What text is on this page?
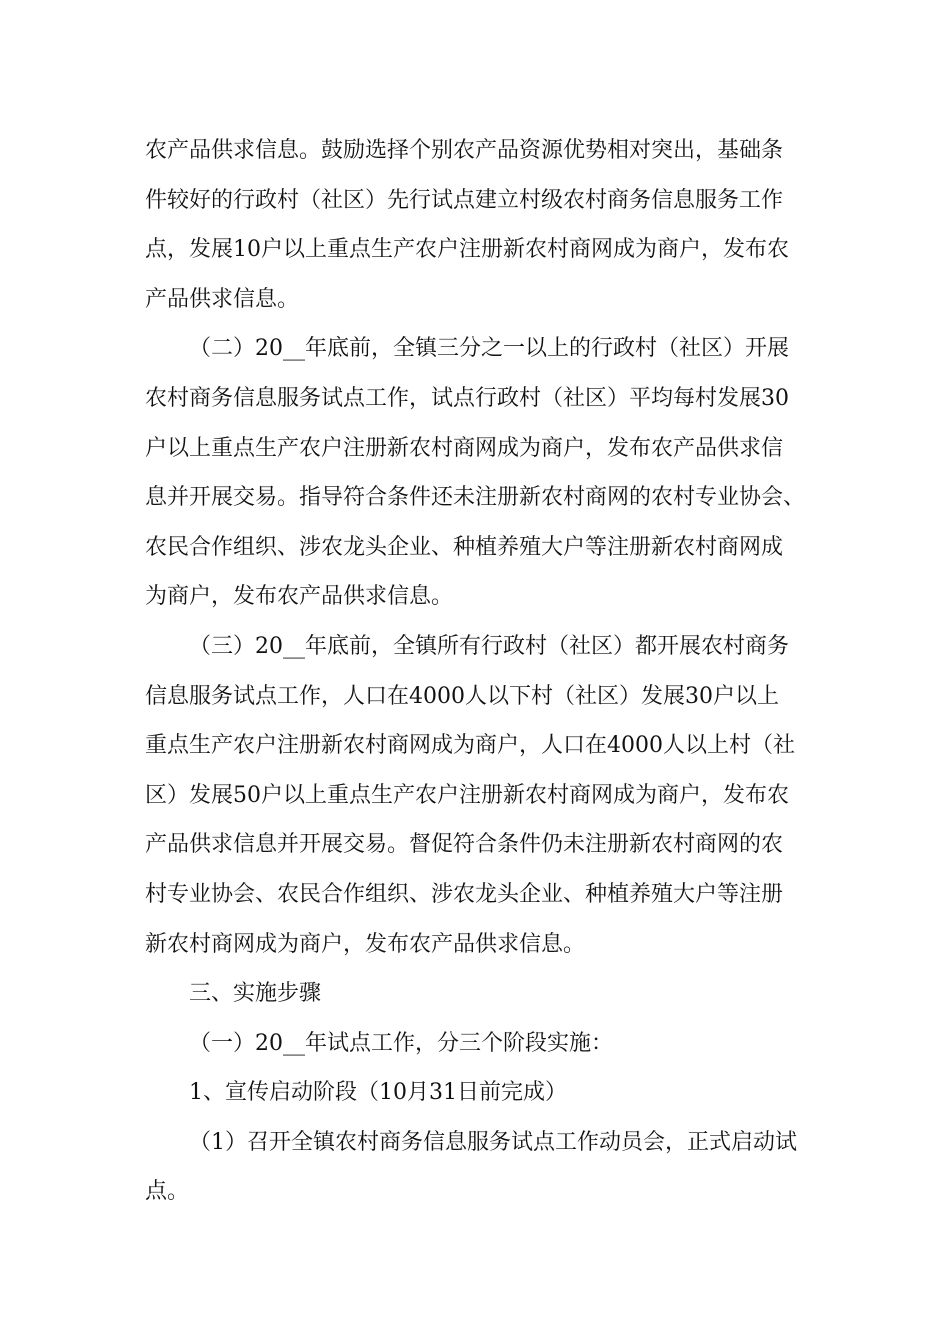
农产品供求信息。鼓励选择个别农产品资源优势相对突出，基础条
件较好的行政村（社区）先行试点建立村级农村商务信息服务工作
点，发展10户以上重点生产农户注册新农村商网成为商户，发布农
产品供求信息。
（二）20__年底前，全镇三分之一以上的行政村（社区）开展
农村商务信息服务试点工作，试点行政村（社区）平均每村发展30
户以上重点生产农户注册新农村商网成为商户，发布农产品供求信
息并开展交易。指导符合条件还未注册新农村商网的农村专业协会、
农民合作组织、涉农龙头企业、种植养殖大户等注册新农村商网成
为商户，发布农产品供求信息。
（三）20__年底前，全镇所有行政村（社区）都开展农村商务
信息服务试点工作，人口在4000人以下村（社区）发展30户以上
重点生产农户注册新农村商网成为商户，人口在4000人以上村（社
区）发展50户以上重点生产农户注册新农村商网成为商户，发布农
产品供求信息并开展交易。督促符合条件仍未注册新农村商网的农
村专业协会、农民合作组织、涉农龙头企业、种植养殖大户等注册
新农村商网成为商户，发布农产品供求信息。
三、实施步骤
（一）20__年试点工作，分三个阶段实施：
1、宣传启动阶段（10月31日前完成）
（1）召开全镇农村商务信息服务试点工作动员会，正式启动试
点。
